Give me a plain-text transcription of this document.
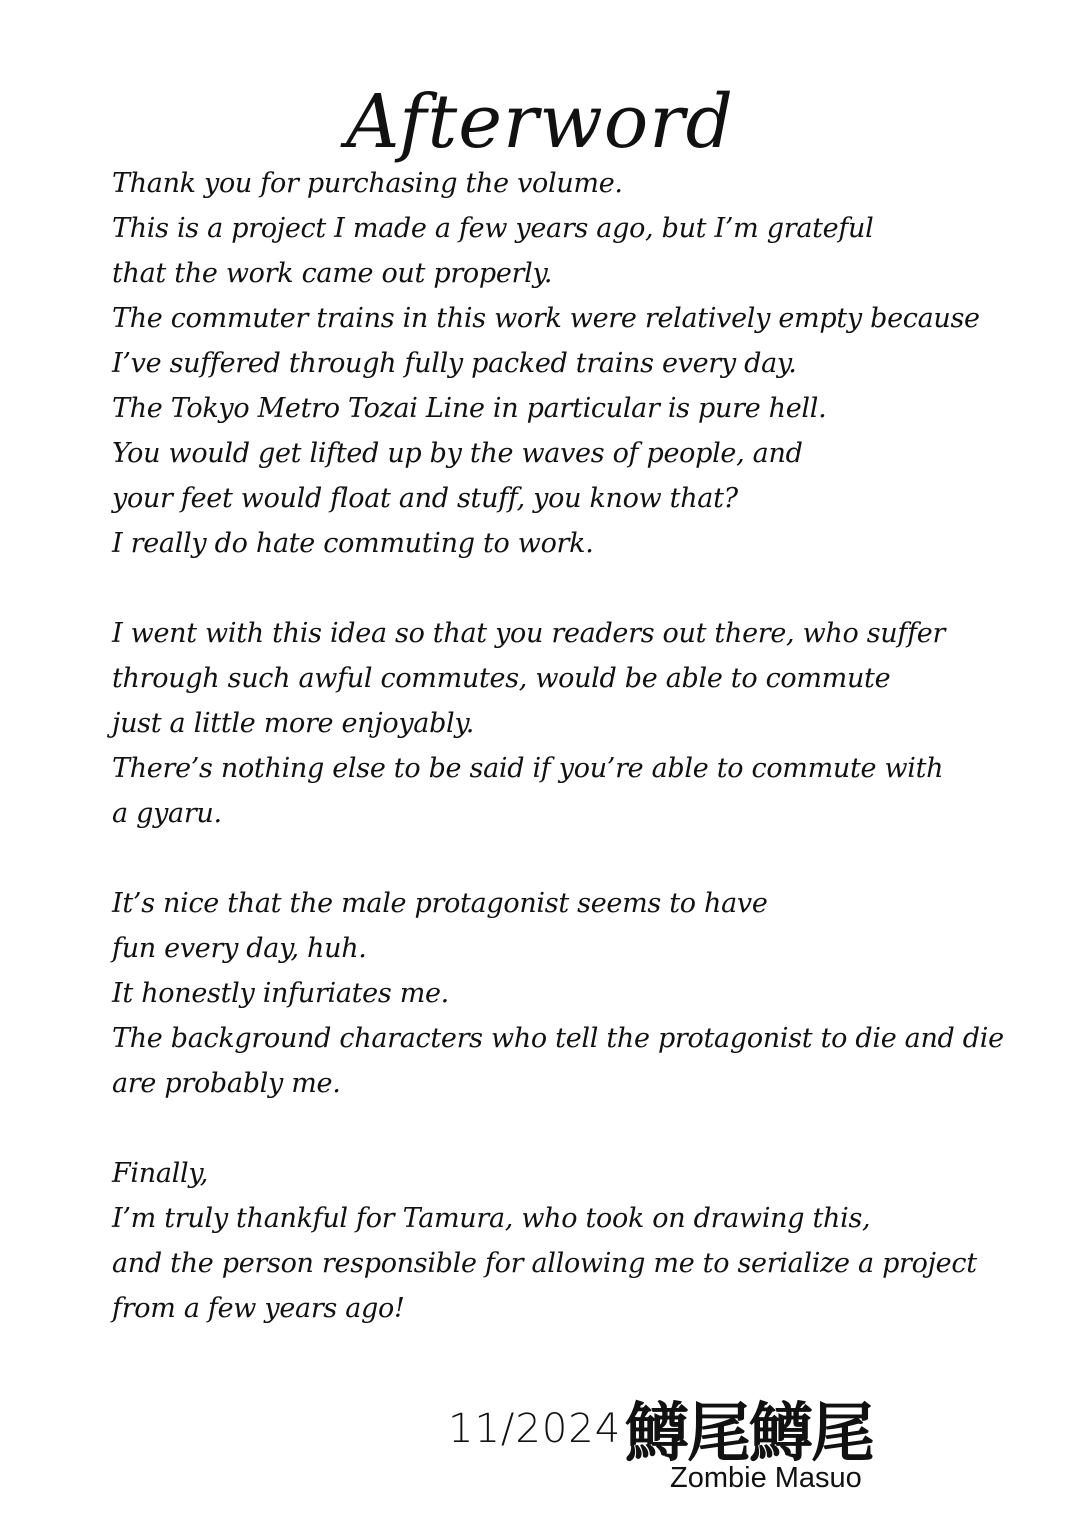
Afterword
Thank you for purchasing the volume.
This is a project I made a few years ago, but I’m grateful
that the work came out properly.
The commuter trains in this work were relatively empty because
I’ve suffered through fully packed trains every day.
The Tokyo Metro Tozai Line in particular is pure hell.
You would get lifted up by the waves of people, and
your feet would float and stuff, you know that?
I really do hate commuting to work.
I went with this idea so that you readers out there, who suffer
through such awful commutes, would be able to commute
just a little more enjoyably.
There’s nothing else to be said if you’re able to commute with
a gyaru.
It’s nice that the male protagonist seems to have
fun every day, huh.
It honestly infuriates me.
The background characters who tell the protagonist to die and die
are probably me.
Finally,
I’m truly thankful for Tamura, who took on drawing this,
and the person responsible for allowing me to serialize a project
from a few years ago!
11/2024 鱒尾鱒尾
Zombie Masuo
